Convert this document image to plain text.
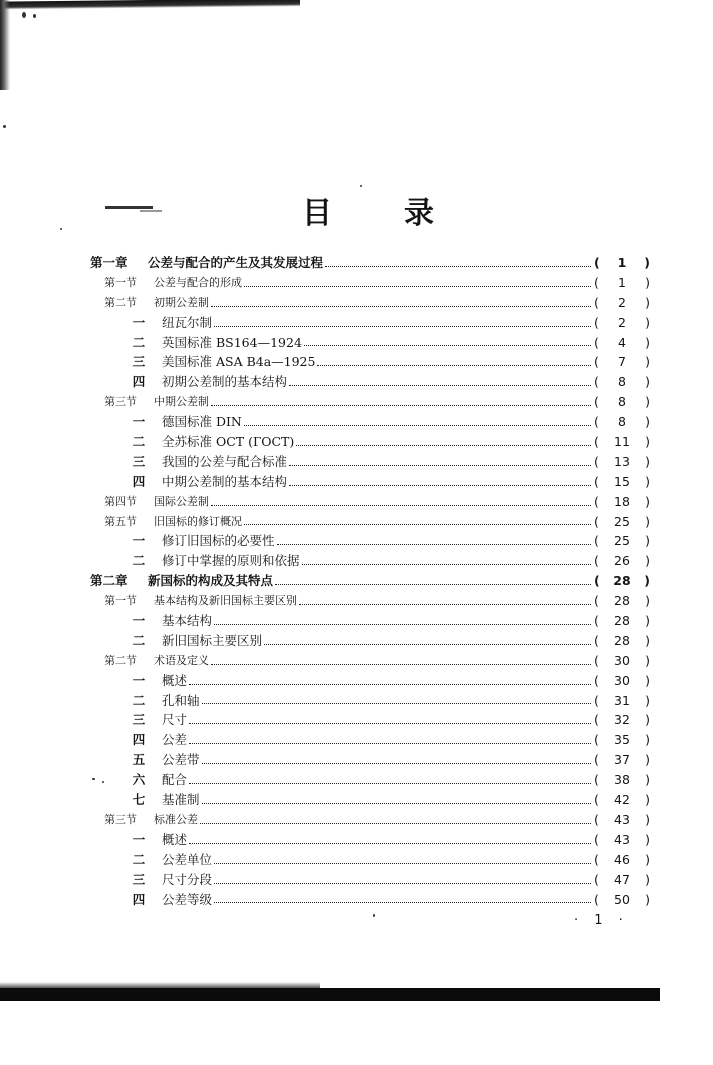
目 录
第一章	公差与配合的产生及其发展过程	(	1	)
第一节	公差与配合的形成	(	1	)
第二节	初期公差制	(	2	)
一	纽瓦尔制	(	2	)
二	英国标准 BS164—1924	(	4	)
三	美国标准 ASA B4a—1925	(	7	)
四	初期公差制的基本结构	(	8	)
第三节	中期公差制	(	8	)
一	德国标准 DIN	(	8	)
二	全苏标准 OCT (ГОСТ)	(	11	)
三	我国的公差与配合标准	(	13	)
四	中期公差制的基本结构	(	15	)
第四节	国际公差制	(	18	)
第五节	旧国标的修订概况	(	25	)
一	修订旧国标的必要性	(	25	)
二	修订中掌握的原则和依据	(	26	)
第二章	新国标的构成及其特点	(	28	)
第一节	基本结构及新旧国标主要区别	(	28	)
一	基本结构	(	28	)
二	新旧国标主要区别	(	28	)
第二节	术语及定义	(	30	)
一	概述	(	30	)
二	孔和轴	(	31	)
三	尺寸	(	32	)
四	公差	(	35	)
五	公差带	(	37	)
六	配合	(	38	)
七	基准制	(	42	)
第三节	标准公差	(	43	)
一	概述	(	43	)
二	公差单位	(	46	)
三	尺寸分段	(	47	)
四	公差等级	(	50	)
· 1 ·
